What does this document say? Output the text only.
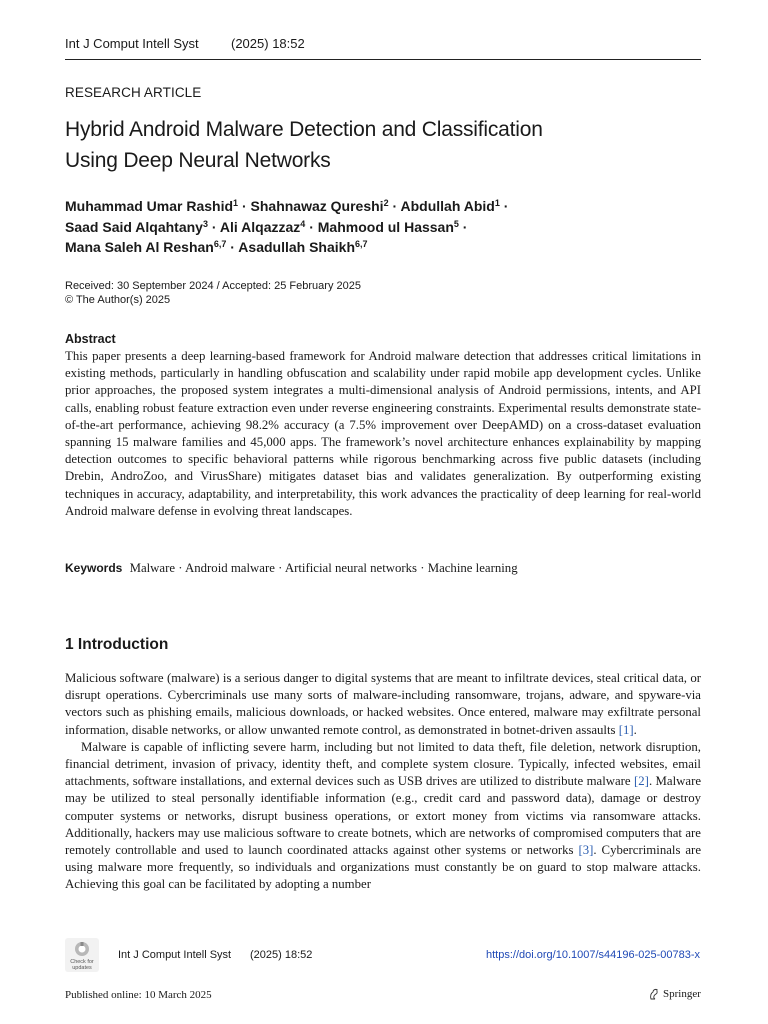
Int J Comput Intell Syst (2025) 18:52
RESEARCH ARTICLE
Hybrid Android Malware Detection and Classification
Using Deep Neural Networks
Muhammad Umar Rashid$^1$ · Shahnawaz Qureshi$^2$ · Abdullah Abid$^1$ ·
Saad Said Alqahtany$^3$ · Ali Alqazzaz$^4$ · Mahmood ul Hassan$^5$ ·
Mana Saleh Al Reshan$^{6,7}$ · Asadullah Shaikh$^{6,7}$
Received: 30 September 2024 / Accepted: 25 February 2025
© The Author(s) 2025
Abstract
This paper presents a deep learning-based framework for Android malware detection that addresses critical limitations in existing methods, particularly in handling obfuscation and scalability under rapid mobile app development cycles. Unlike prior approaches, the proposed system integrates a multi-dimensional analysis of Android permissions, intents, and API calls, enabling robust feature extraction even under reverse engineering constraints. Experimental results demonstrate state-of-the-art performance, achieving 98.2% accuracy (a 7.5% improvement over DeepAMD) on a cross-dataset evaluation spanning 15 malware families and 45,000 apps. The framework’s novel architecture enhances explainability by mapping detection outcomes to specific behavioral patterns while rigorous benchmarking across five public datasets (including Drebin, AndroZoo, and VirusShare) mitigates dataset bias and validates generalization. By outperforming existing techniques in accuracy, adaptability, and interpretability, this work advances the practicality of deep learning for real-world Android malware defense in evolving threat landscapes.
Keywords Malware · Android malware · Artificial neural networks · Machine learning
1 Introduction

Malicious software (malware) is a serious danger to digital systems that are meant to infiltrate devices, steal critical data, or disrupt operations. Cybercriminals use many sorts of malware-including ransomware, trojans, adware, and spyware-via vectors such as phishing emails, malicious downloads, or hacked websites. Once entered, malware may exfiltrate personal information, disable networks, or allow unwanted remote control, as demonstrated in botnet-driven assaults [1].

Malware is capable of inflicting severe harm, including but not limited to data theft, file deletion, network disruption, financial detriment, invasion of privacy, identity theft, and complete system closure. Typically, infected websites, email attachments, software installations, and external devices such as USB drives are utilized to distribute malware [2]. Malware may be utilized to steal personally identifiable information (e.g., credit card and password data), damage or destroy computer systems or networks, disrupt business operations, or extort money from victims via ransomware attacks. Additionally, hackers may use malicious software to create botnets, which are networks of compromised computers that are remotely controllable and used to launch coordinated attacks against other systems or networks [3]. Cybercriminals are using malware more frequently, so individuals and organizations must constantly be on guard to stop malware attacks. Achieving this goal can be facilitated by adopting a number

Check for
updates
Int J Comput Intell Syst (2025) 18:52	https://doi.org/10.1007/s44196-025-00783-x
Published online: 10 March 2025	Springer
